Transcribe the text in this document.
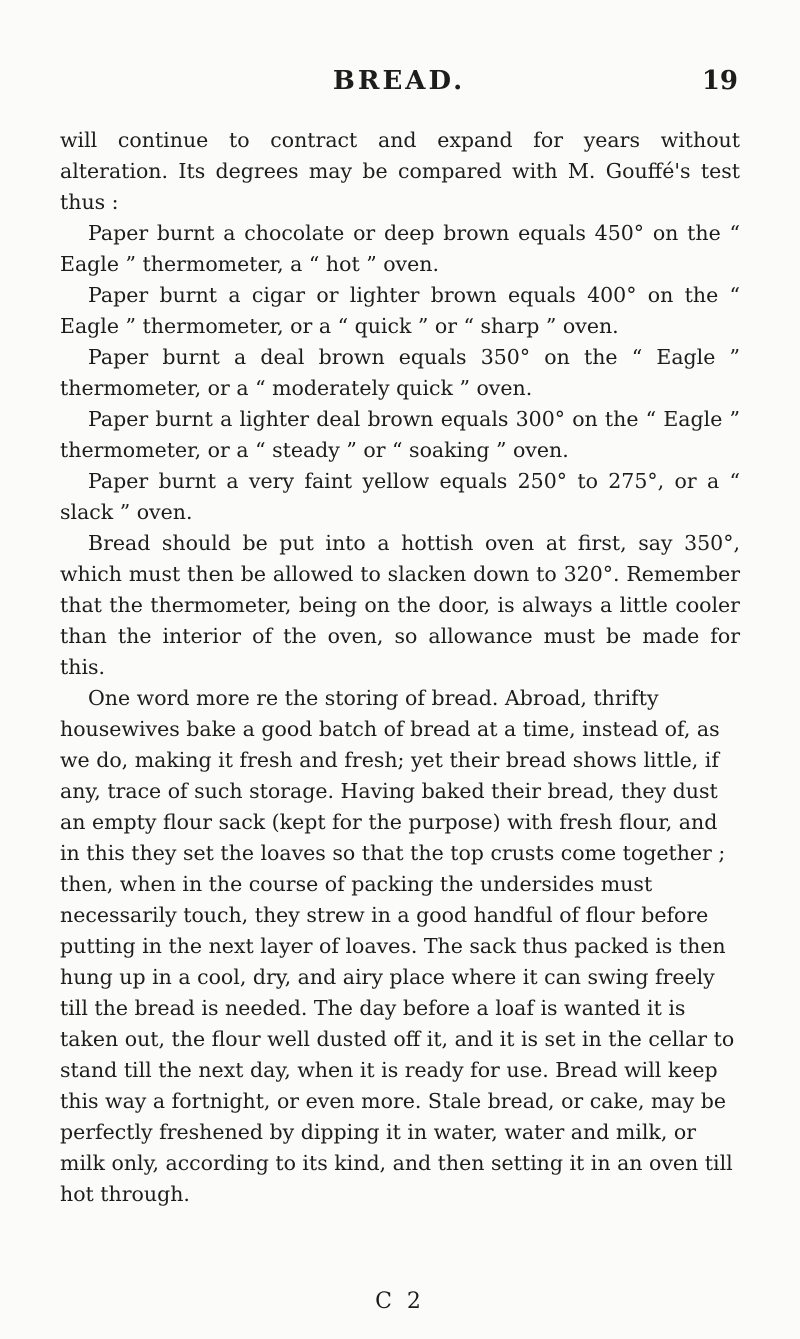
BREAD.	19

will continue to contract and expand for years without alteration. Its degrees may be compared with M. Gouffé's test thus :

Paper burnt a chocolate or deep brown equals 450° on the “ Eagle ” thermometer, a “ hot ” oven.

Paper burnt a cigar or lighter brown equals 400° on the “ Eagle ” thermometer, or a “ quick ” or “ sharp ” oven.

Paper burnt a deal brown equals 350° on the “ Eagle ” thermometer, or a “ moderately quick ” oven.

Paper burnt a lighter deal brown equals 300° on the “ Eagle ” thermometer, or a “ steady ” or “ soaking ” oven.

Paper burnt a very faint yellow equals 250° to 275°, or a “ slack ” oven.

Bread should be put into a hottish oven at first, say 350°, which must then be allowed to slacken down to 320°. Remember that the thermometer, being on the door, is always a little cooler than the interior of the oven, so allowance must be made for this.

One word more re the storing of bread. Abroad, thrifty housewives bake a good batch of bread at a time, instead of, as we do, making it fresh and fresh; yet their bread shows little, if any, trace of such storage. Having baked their bread, they dust an empty flour sack (kept for the purpose) with fresh flour, and in this they set the loaves so that the top crusts come together ; then, when in the course of packing the undersides must necessarily touch, they strew in a good handful of flour before putting in the next layer of loaves. The sack thus packed is then hung up in a cool, dry, and airy place where it can swing freely till the bread is needed. The day before a loaf is wanted it is taken out, the flour well dusted off it, and it is set in the cellar to stand till the next day, when it is ready for use. Bread will keep this way a fortnight, or even more. Stale bread, or cake, may be perfectly freshened by dipping it in water, water and milk, or milk only, according to its kind, and then setting it in an oven till hot through.

C 2
